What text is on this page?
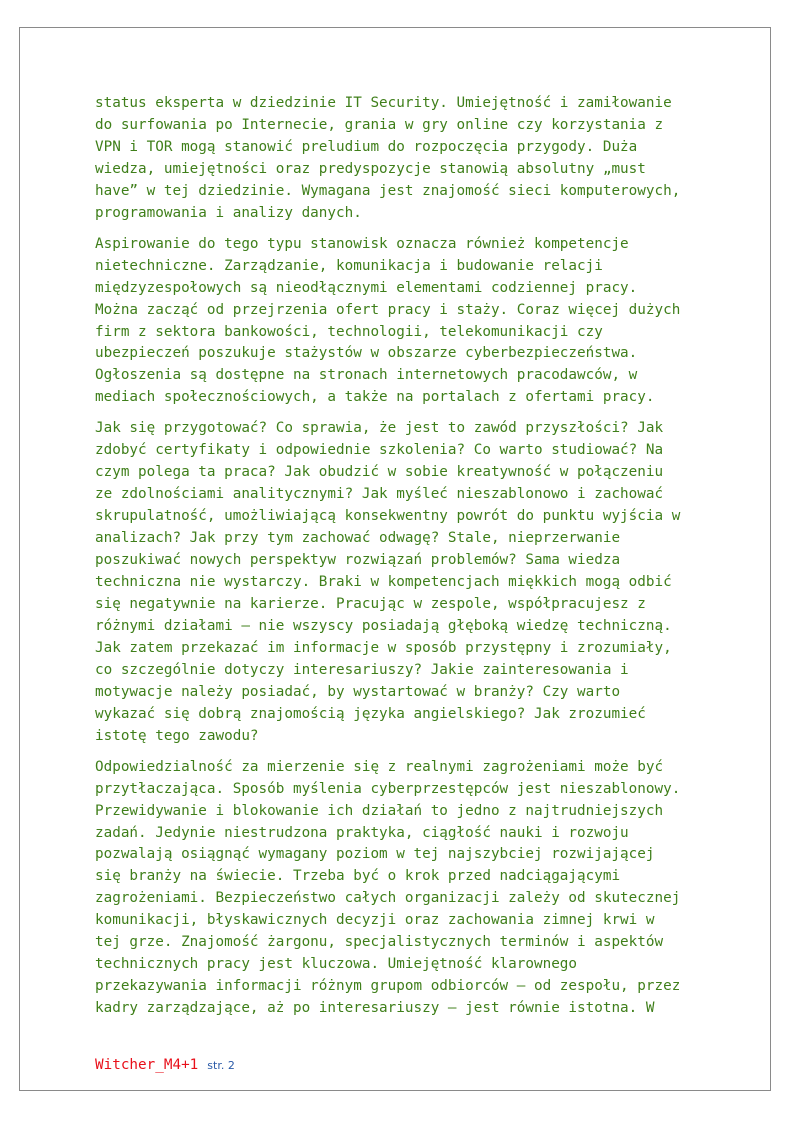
status eksperta w dziedzinie IT Security. Umiejętność i zamiłowanie
do surfowania po Internecie, grania w gry online czy korzystania z
VPN i TOR mogą stanowić preludium do rozpoczęcia przygody. Duża
wiedza, umiejętności oraz predyspozycje stanowią absolutny „must
have” w tej dziedzinie. Wymagana jest znajomość sieci komputerowych,
programowania i analizy danych.

Aspirowanie do tego typu stanowisk oznacza również kompetencje
nietechniczne. Zarządzanie, komunikacja i budowanie relacji
międzyzespołowych są nieodłącznymi elementami codziennej pracy.
Można zacząć od przejrzenia ofert pracy i staży. Coraz więcej dużych
firm z sektora bankowości, technologii, telekomunikacji czy
ubezpieczeń poszukuje stażystów w obszarze cyberbezpieczeństwa.
Ogłoszenia są dostępne na stronach internetowych pracodawców, w
mediach społecznościowych, a także na portalach z ofertami pracy.

Jak się przygotować? Co sprawia, że jest to zawód przyszłości? Jak
zdobyć certyfikaty i odpowiednie szkolenia? Co warto studiować? Na
czym polega ta praca? Jak obudzić w sobie kreatywność w połączeniu
ze zdolnościami analitycznymi? Jak myśleć nieszablonowo i zachować
skrupulatność, umożliwiającą konsekwentny powrót do punktu wyjścia w
analizach? Jak przy tym zachować odwagę? Stale, nieprzerwanie
poszukiwać nowych perspektyw rozwiązań problemów? Sama wiedza
techniczna nie wystarczy. Braki w kompetencjach miękkich mogą odbić
się negatywnie na karierze. Pracując w zespole, współpracujesz z
różnymi działami – nie wszyscy posiadają głęboką wiedzę techniczną.
Jak zatem przekazać im informacje w sposób przystępny i zrozumiały,
co szczególnie dotyczy interesariuszy? Jakie zainteresowania i
motywacje należy posiadać, by wystartować w branży? Czy warto
wykazać się dobrą znajomością języka angielskiego? Jak zrozumieć
istotę tego zawodu?

Odpowiedzialność za mierzenie się z realnymi zagrożeniami może być
przytłaczająca. Sposób myślenia cyberprzestępców jest nieszablonowy.
Przewidywanie i blokowanie ich działań to jedno z najtrudniejszych
zadań. Jedynie niestrudzona praktyka, ciągłość nauki i rozwoju
pozwalają osiągnąć wymagany poziom w tej najszybciej rozwijającej
się branży na świecie. Trzeba być o krok przed nadciągającymi
zagrożeniami. Bezpieczeństwo całych organizacji zależy od skutecznej
komunikacji, błyskawicznych decyzji oraz zachowania zimnej krwi w
tej grze. Znajomość żargonu, specjalistycznych terminów i aspektów
technicznych pracy jest kluczowa. Umiejętność klarownego
przekazywania informacji różnym grupom odbiorców – od zespołu, przez
kadry zarządzające, aż po interesariuszy – jest równie istotna. W

Witcher_M4+1 str. 2
